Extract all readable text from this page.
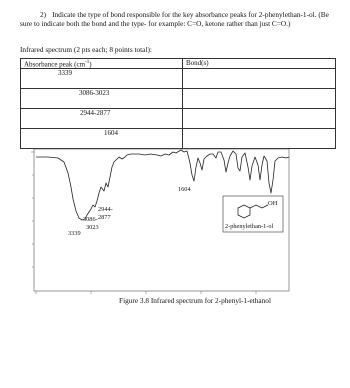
2) Indicate the type of bond responsible for the key absorbance peaks for 2-phenylethan-1-ol. (Be sure to indicate both the bond and the type- for example: C=O, ketone rather than just C=O.)
Infrared spectrum (2 pts each; 8 points total):
Absorbance peak $(cm^{-1})$	Bond(s)

3339	

3086-3023	

2944-2877	

1604	

2944-
2877
3086-
3023
3339
1604
OH
2-phenylethan-1-ol
Figure 3.8 Infrared spectrum for 2-phenyl-1-ethanol
